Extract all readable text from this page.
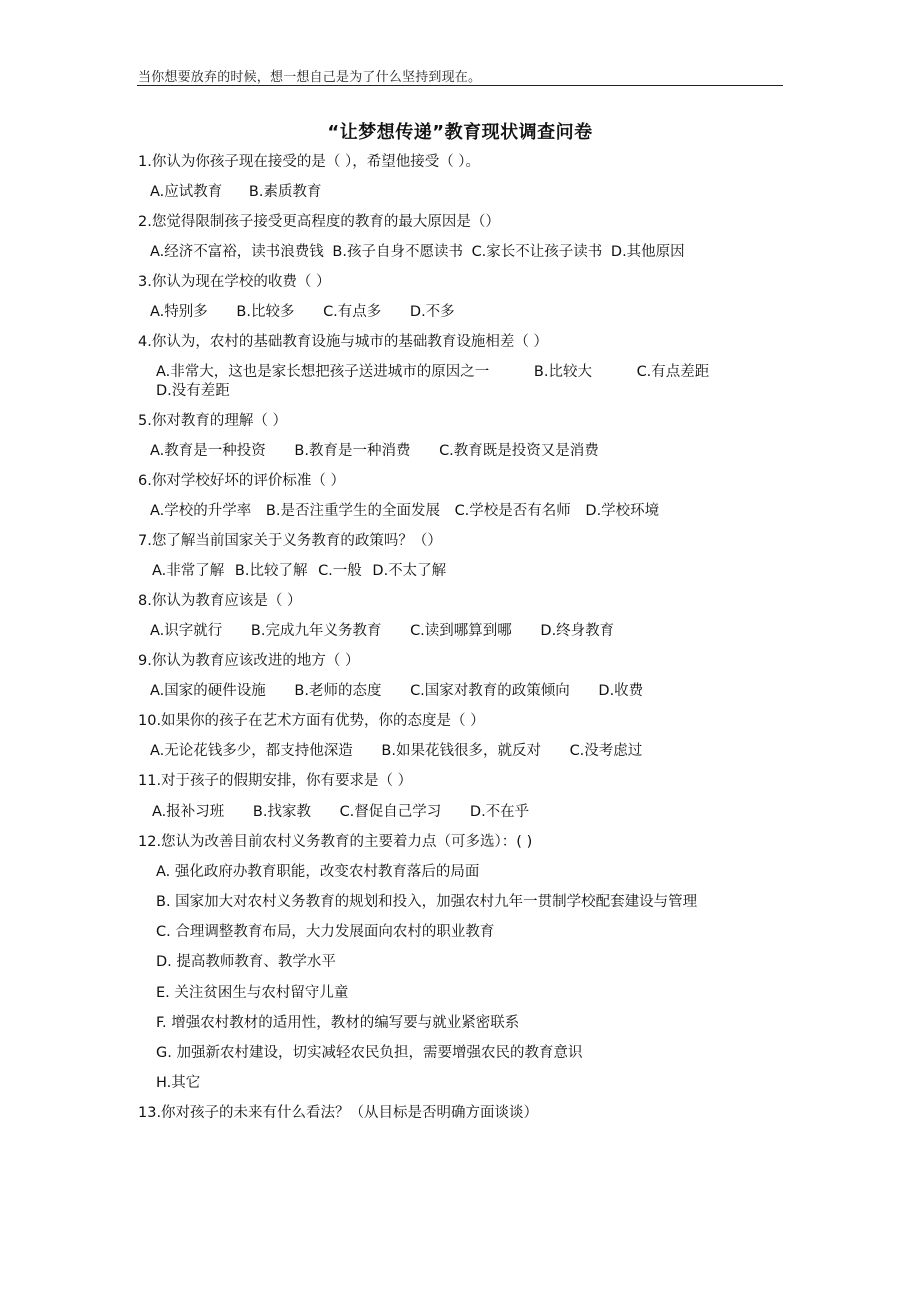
当你想要放弃的时候，想一想自己是为了什么坚持到现在。
“让梦想传递”教育现状调查问卷
1.你认为你孩子现在接受的是（ ），希望他接受（ ）。
A.应试教育 B.素质教育
2.您觉得限制孩子接受更高程度的教育的最大原因是（）
A.经济不富裕，读书浪费钱 B.孩子自身不愿读书 C.家长不让孩子读书 D.其他原因
3.你认为现在学校的收费（ ）
A.特别多 B.比较多 C.有点多 D.不多
4.你认为，农村的基础教育设施与城市的基础教育设施相差（ ）
A.非常大，这也是家长想把孩子送进城市的原因之一	B.比较大	C.有点差距
D.没有差距
5.你对教育的理解（ ）
A.教育是一种投资 B.教育是一种消费 C.教育既是投资又是消费
6.你对学校好坏的评价标准（ ）
A.学校的升学率 B.是否注重学生的全面发展 C.学校是否有名师 D.学校环境
7.您了解当前国家关于义务教育的政策吗？（）
A.非常了解 B.比较了解 C.一般 D.不太了解
8.你认为教育应该是（ ）
A.识字就行 B.完成九年义务教育 C.读到哪算到哪 D.终身教育
9.你认为教育应该改进的地方（ ）
A.国家的硬件设施 B.老师的态度 C.国家对教育的政策倾向 D.收费
10.如果你的孩子在艺术方面有优势，你的态度是（ ）
A.无论花钱多少，都支持他深造 B.如果花钱很多，就反对 C.没考虑过
11.对于孩子的假期安排，你有要求是（ ）
A.报补习班 B.找家教 C.督促自己学习 D.不在乎
12.您认为改善目前农村义务教育的主要着力点（可多选）：( )
A. 强化政府办教育职能，改变农村教育落后的局面
B. 国家加大对农村义务教育的规划和投入，加强农村九年一贯制学校配套建设与管理
C. 合理调整教育布局，大力发展面向农村的职业教育
D. 提高教师教育、教学水平
E. 关注贫困生与农村留守儿童
F. 增强农村教材的适用性，教材的编写要与就业紧密联系
G. 加强新农村建设，切实减轻农民负担，需要增强农民的教育意识
H.其它
13.你对孩子的未来有什么看法？（从目标是否明确方面谈谈）
